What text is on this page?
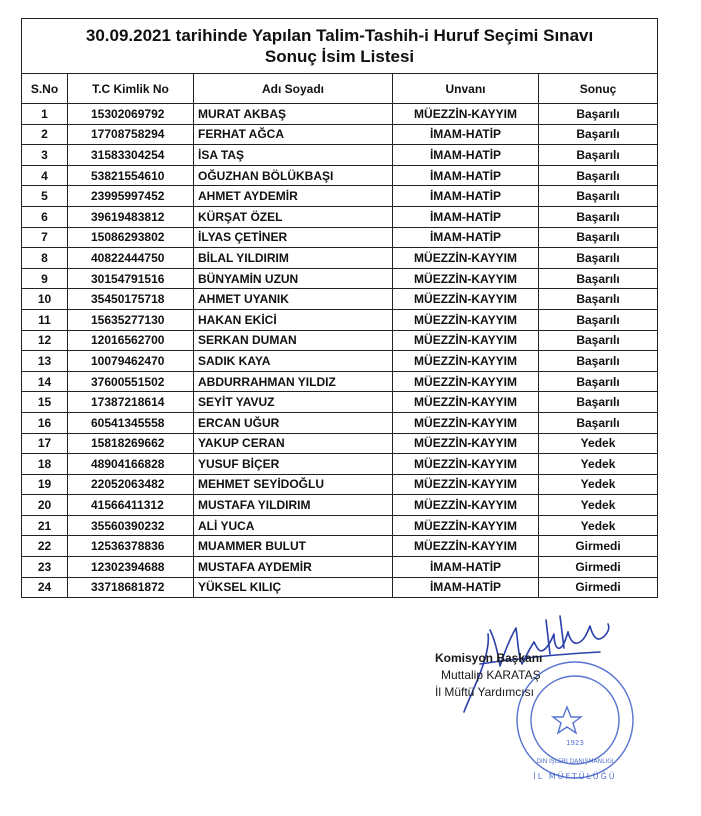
30.09.2021 tarihinde Yapılan Talim-Tashih-i Huruf Seçimi Sınavı
Sonuç İsim Listesi				

S.No	T.C Kimlik No	Adı Soyadı	Unvanı	Sonuç
1	15302069792	MURAT AKBAŞ	MÜEZZİN-KAYYIM	Başarılı
2	17708758294	FERHAT AĞCA	İMAM-HATİP	Başarılı
3	31583304254	İSA TAŞ	İMAM-HATİP	Başarılı
4	53821554610	OĞUZHAN BÖLÜKBAŞI	İMAM-HATİP	Başarılı
5	23995997452	AHMET AYDEMİR	İMAM-HATİP	Başarılı
6	39619483812	KÜRŞAT ÖZEL	İMAM-HATİP	Başarılı
7	15086293802	İLYAS ÇETİNER	İMAM-HATİP	Başarılı
8	40822444750	BİLAL YILDIRIM	MÜEZZİN-KAYYIM	Başarılı
9	30154791516	BÜNYAMİN UZUN	MÜEZZİN-KAYYIM	Başarılı
10	35450175718	AHMET UYANIK	MÜEZZİN-KAYYIM	Başarılı
11	15635277130	HAKAN EKİCİ	MÜEZZİN-KAYYIM	Başarılı
12	12016562700	SERKAN DUMAN	MÜEZZİN-KAYYIM	Başarılı
13	10079462470	SADIK KAYA	MÜEZZİN-KAYYIM	Başarılı
14	37600551502	ABDURRAHMAN YILDIZ	MÜEZZİN-KAYYIM	Başarılı
15	17387218614	SEYİT YAVUZ	MÜEZZİN-KAYYIM	Başarılı
16	60541345558	ERCAN UĞUR	MÜEZZİN-KAYYIM	Başarılı
17	15818269662	YAKUP CERAN	MÜEZZİN-KAYYIM	Yedek
18	48904166828	YUSUF BİÇER	MÜEZZİN-KAYYIM	Yedek
19	22052063482	MEHMET SEYİDOĞLU	MÜEZZİN-KAYYIM	Yedek
20	41566411312	MUSTAFA YILDIRIM	MÜEZZİN-KAYYIM	Yedek
21	35560390232	ALİ YUCA	MÜEZZİN-KAYYIM	Yedek
22	12536378836	MUAMMER BULUT	MÜEZZİN-KAYYIM	Girmedi
23	12302394688	MUSTAFA AYDEMİR	İMAM-HATİP	Girmedi
24	33718681872	YÜKSEL KILIÇ	İMAM-HATİP	Girmedi
İL MÜFTÜLÜĞÜ
DİN İŞLERİ DANIŞMANLIĞI
1923
Komisyon Başkanı
Muttalip KARATAŞ
İl Müftü Yardımcısı
